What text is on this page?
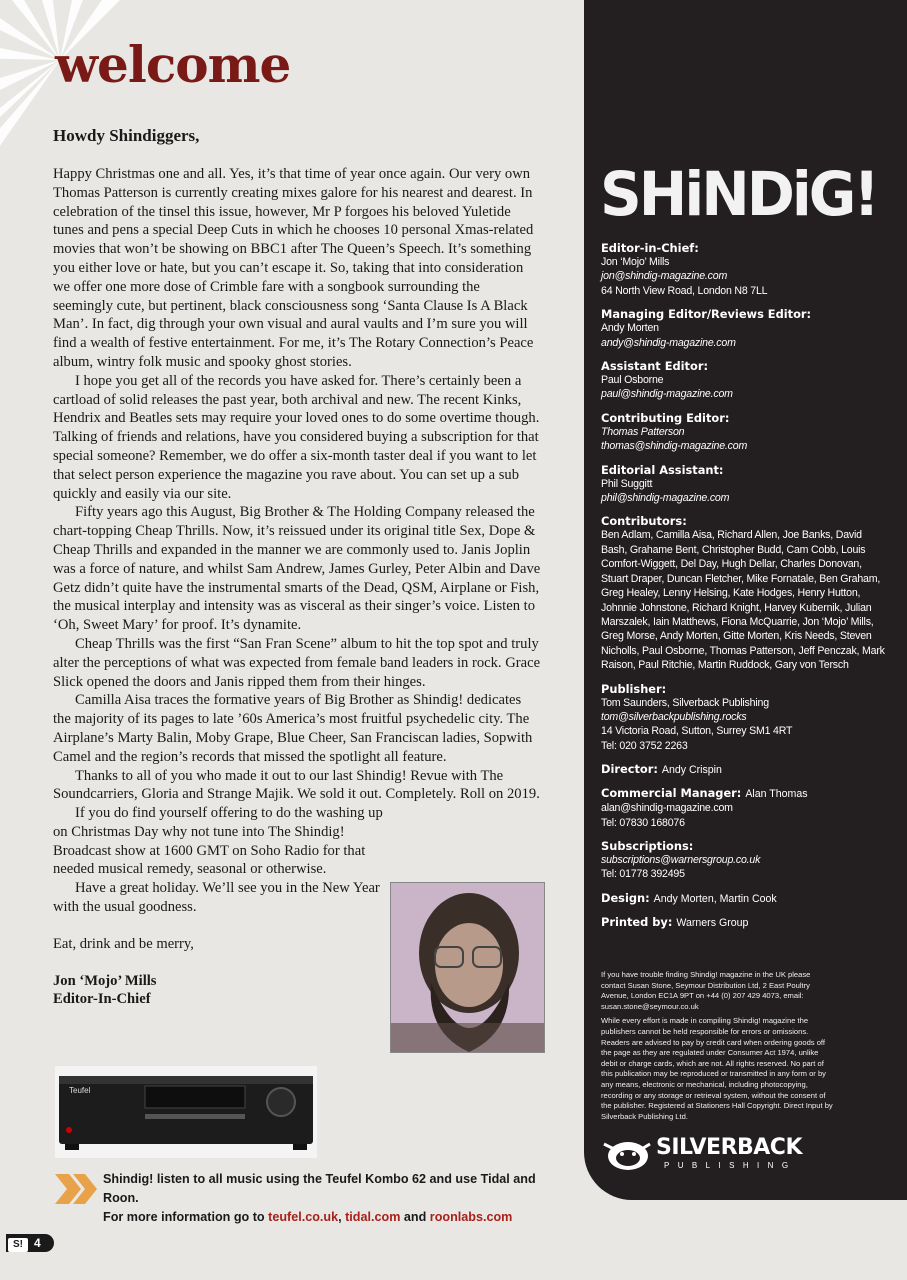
welcome

Howdy Shindiggers,

Happy Christmas one and all. Yes, it’s that time of year once again. Our very own Thomas Patterson is currently creating mixes galore for his nearest and dearest. In celebration of the tinsel this issue, however, Mr P forgoes his beloved Yuletide tunes and pens a special Deep Cuts in which he chooses 10 personal Xmas-related movies that won’t be showing on BBC1 after The Queen’s Speech. It’s something you either love or hate, but you can’t escape it. So, taking that into consideration we offer one more dose of Crimble fare with a songbook surrounding the seemingly cute, but pertinent, black consciousness song ‘Santa Clause Is A Black Man’. In fact, dig through your own visual and aural vaults and I’m sure you will find a wealth of festive entertainment. For me, it’s The Rotary Connection’s Peace album, wintry folk music and spooky ghost stories.

I hope you get all of the records you have asked for. There’s certainly been a cartload of solid releases the past year, both archival and new. The recent Kinks, Hendrix and Beatles sets may require your loved ones to do some overtime though. Talking of friends and relations, have you considered buying a subscription for that special someone? Remember, we do offer a six-month taster deal if you want to let that select person experience the magazine you rave about. You can set up a sub quickly and easily via our site.

Fifty years ago this August, Big Brother & The Holding Company released the chart-topping Cheap Thrills. Now, it’s reissued under its original title Sex, Dope & Cheap Thrills and expanded in the manner we are commonly used to. Janis Joplin was a force of nature, and whilst Sam Andrew, James Gurley, Peter Albin and Dave Getz didn’t quite have the instrumental smarts of the Dead, QSM, Airplane or Fish, the musical interplay and intensity was as visceral as their singer’s voice. Listen to ‘Oh, Sweet Mary’ for proof. It’s dynamite.

Cheap Thrills was the first “San Fran Scene” album to hit the top spot and truly alter the perceptions of what was expected from female band leaders in rock. Grace Slick opened the doors and Janis ripped them from their hinges.

Camilla Aisa traces the formative years of Big Brother as Shindig! dedicates the majority of its pages to late ’60s America’s most fruitful psychedelic city. The Airplane’s Marty Balin, Moby Grape, Blue Cheer, San Franciscan ladies, Sopwith Camel and the region’s records that missed the spotlight all feature.

Thanks to all of you who made it out to our last Shindig! Revue with The Soundcarriers, Gloria and Strange Majik. We sold it out. Completely. Roll on 2019.

If you do find yourself offering to do the washing up on Christmas Day why not tune into The Shindig! Broadcast show at 1600 GMT on Soho Radio for that needed musical remedy, seasonal or otherwise.

Have a great holiday. We’ll see you in the New Year with the usual goodness.

Eat, drink and be merry,

Jon ‘Mojo’ Mills
Editor-In-Chief
Teufel
Shindig! listen to all music using the Teufel Kombo 62 and use Tidal and Roon.
For more information go to teufel.co.uk, tidal.com and roonlabs.com
S! 4
SHiNDiG!
Editor-in-Chief:
Jon ‘Mojo’ Mills
jon@shindig-magazine.com
64 North View Road, London N8 7LL
Managing Editor/Reviews Editor:
Andy Morten
andy@shindig-magazine.com
Assistant Editor:
Paul Osborne
paul@shindig-magazine.com
Contributing Editor:
Thomas Patterson
thomas@shindig-magazine.com
Editorial Assistant:
Phil Suggitt
phil@shindig-magazine.com
Contributors:
Ben Adlam, Camilla Aisa, Richard Allen, Joe Banks, David Bash, Grahame Bent, Christopher Budd, Cam Cobb, Louis Comfort-Wiggett, Del Day, Hugh Dellar, Charles Donovan, Stuart Draper, Duncan Fletcher, Mike Fornatale, Ben Graham, Greg Healey, Lenny Helsing, Kate Hodges, Henry Hutton, Johnnie Johnstone, Richard Knight, Harvey Kubernik, Julian Marszalek, Iain Matthews, Fiona McQuarrie, Jon ‘Mojo’ Mills, Greg Morse, Andy Morten, Gitte Morten, Kris Needs, Steven Nicholls, Paul Osborne, Thomas Patterson, Jeff Penczak, Mark Raison, Paul Ritchie, Martin Ruddock, Gary von Tersch
Publisher:
Tom Saunders, Silverback Publishing
tom@silverbackpublishing.rocks
14 Victoria Road, Sutton, Surrey SM1 4RT
Tel: 020 3752 2263
Director: Andy Crispin
Commercial Manager: Alan Thomas
alan@shindig-magazine.com
Tel: 07830 168076
Subscriptions:
subscriptions@warnersgroup.co.uk
Tel: 01778 392495
Design: Andy Morten, Martin Cook
Printed by: Warners Group

If you have trouble finding Shindig! magazine in the UK please contact Susan Stone, Seymour Distribution Ltd, 2 East Poultry Avenue, London EC1A 9PT on +44 (0) 207 429 4073, email: susan.stone@seymour.co.uk

While every effort is made in compiling Shindig! magazine the publishers cannot be held responsible for errors or omissions. Readers are advised to pay by credit card when ordering goods off the page as they are regulated under Consumer Act 1974, unlike debit or charge cards, which are not. All rights reserved. No part of this publication may be reproduced or transmitted in any form or by any means, electronic or mechanical, including photocopying, recording or any storage or retrieval system, without the consent of the publisher. Registered at Stationers Hall Copyright. Direct Input by Silverback Publishing Ltd.

SILVERBACK
PUBLISHING
